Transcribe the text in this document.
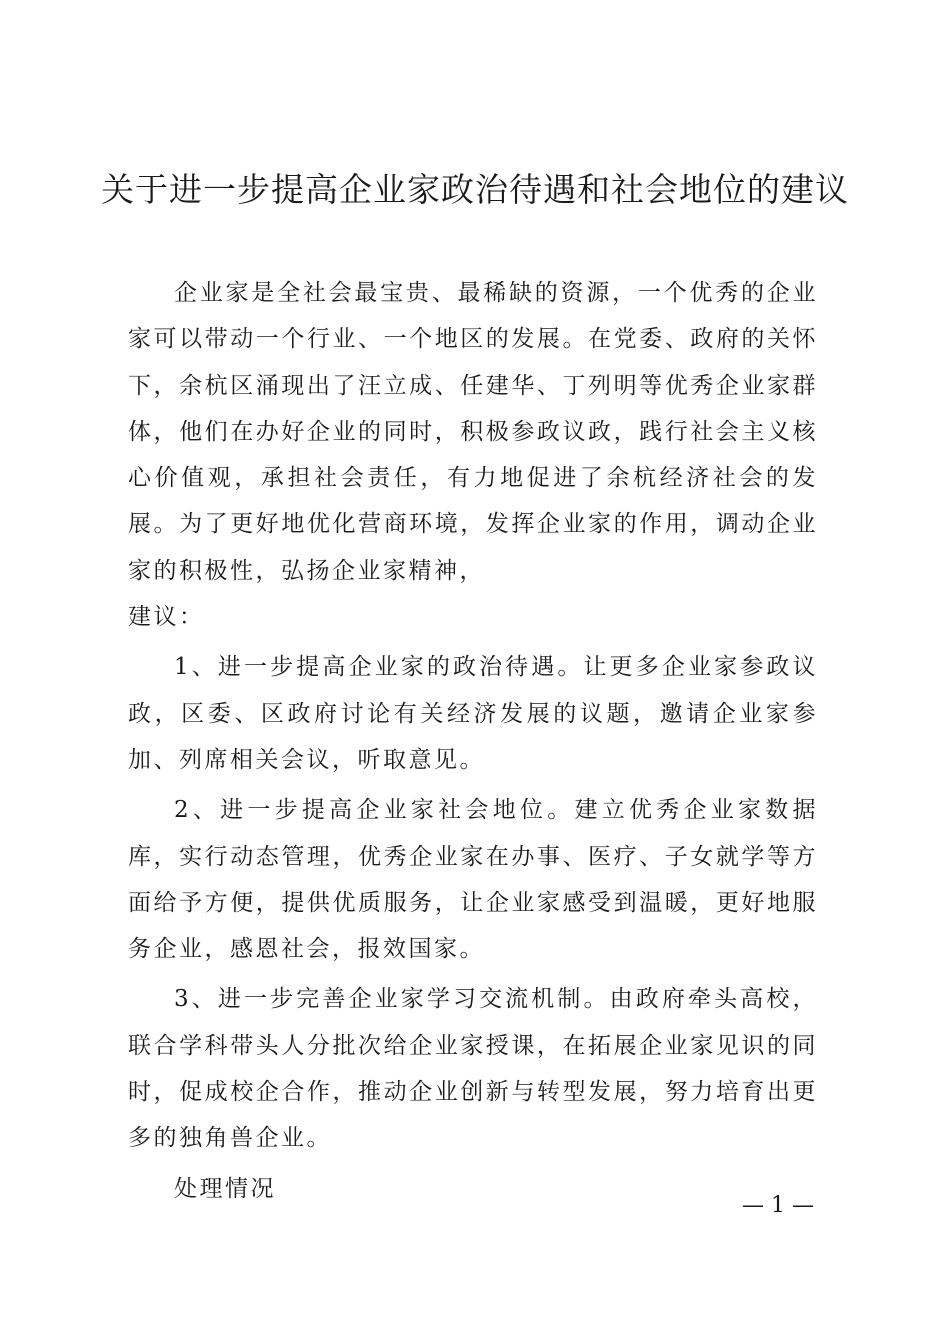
关于进一步提高企业家政治待遇和社会地位的建议

企业家是全社会最宝贵、最稀缺的资源，一个优秀的企业家可以带动一个行业、一个地区的发展。在党委、政府的关怀下，余杭区涌现出了汪立成、任建华、丁列明等优秀企业家群体，他们在办好企业的同时，积极参政议政，践行社会主义核心价值观，承担社会责任，有力地促进了余杭经济社会的发展。为了更好地优化营商环境，发挥企业家的作用，调动企业家的积极性，弘扬企业家精神，

建议：

1、进一步提高企业家的政治待遇。让更多企业家参政议政，区委、区政府讨论有关经济发展的议题，邀请企业家参加、列席相关会议，听取意见。

2、进一步提高企业家社会地位。建立优秀企业家数据库，实行动态管理，优秀企业家在办事、医疗、子女就学等方面给予方便，提供优质服务，让企业家感受到温暖，更好地服务企业，感恩社会，报效国家。

3、进一步完善企业家学习交流机制。由政府牵头高校，联合学科带头人分批次给企业家授课，在拓展企业家见识的同时，促成校企合作，推动企业创新与转型发展，努力培育出更多的独角兽企业。

处理情况

— 1 —
